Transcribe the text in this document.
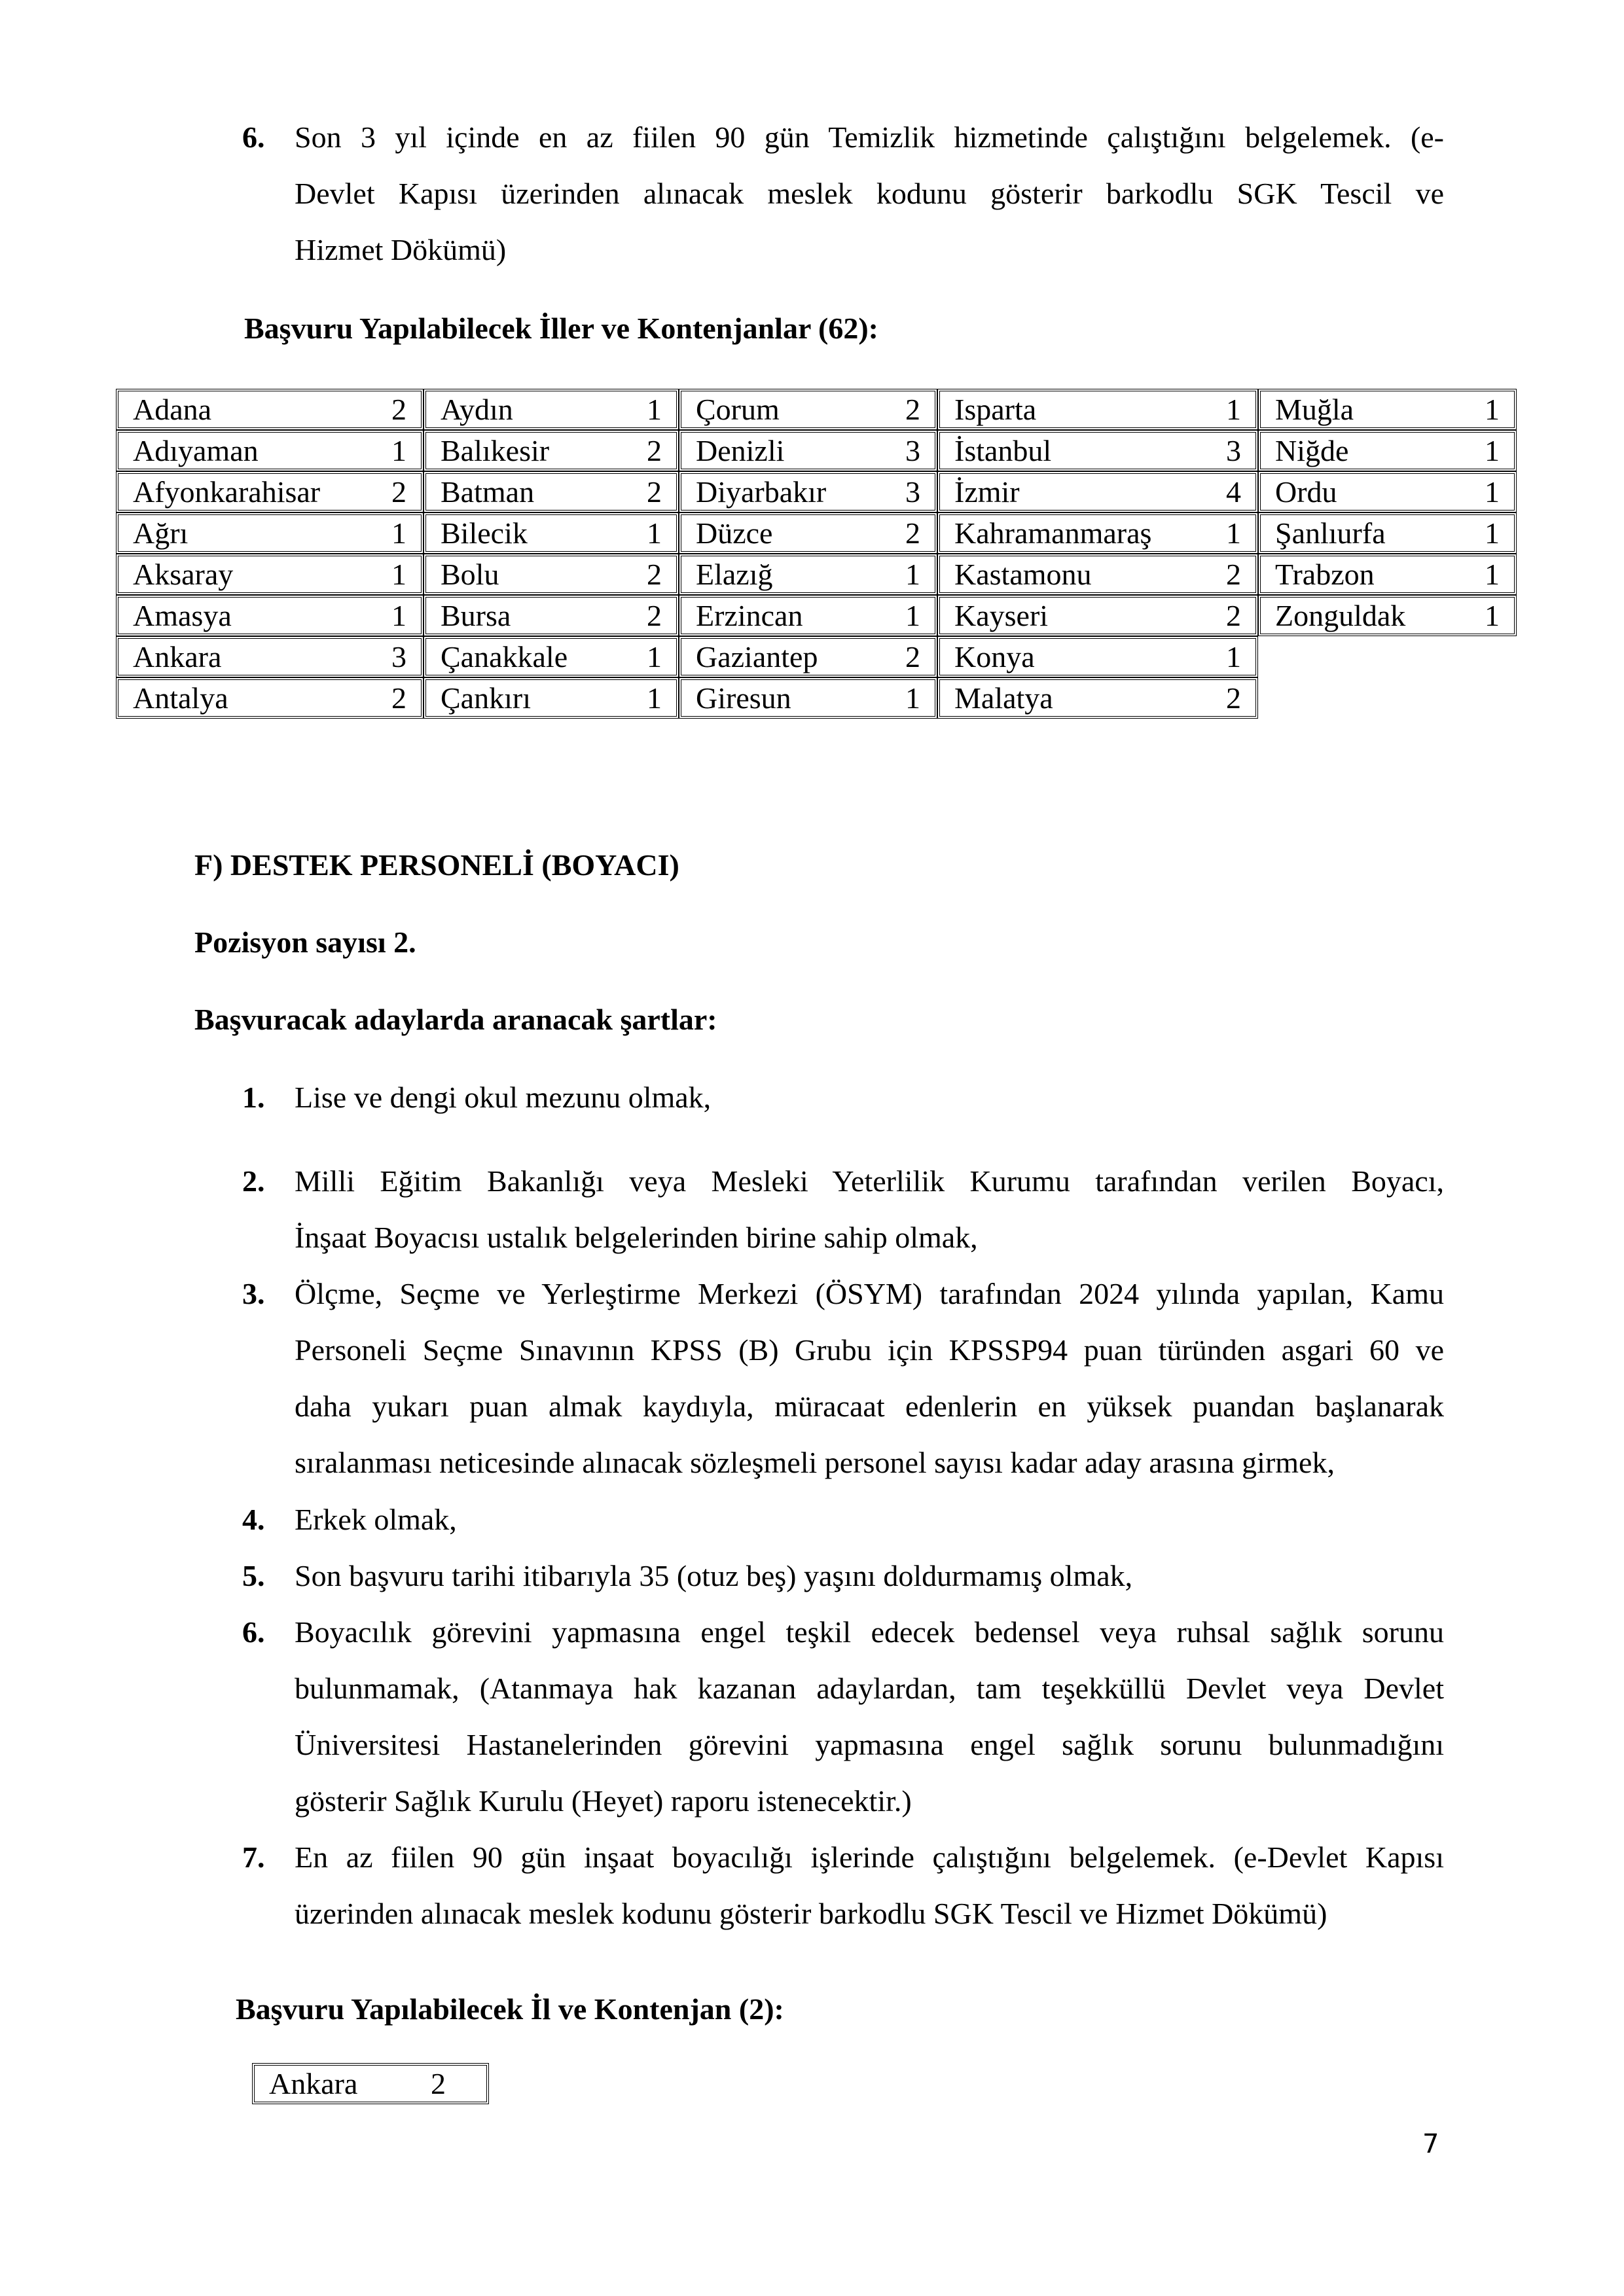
6. Son 3 yıl içinde en az fiilen 90 gün Temizlik hizmetinde çalıştığını belgelemek. (e-
Devlet Kapısı üzerinden alınacak meslek kodunu gösterir barkodlu SGK Tescil ve
Hizmet Dökümü)
Başvuru Yapılabilecek İller ve Kontenjanlar (62):
Adana 2	Aydın 1	Çorum 2	Isparta 1	Muğla 1

Adıyaman 1	Balıkesir 2	Denizli 3	İstanbul 3	Niğde 1

Afyonkarahisar 2	Batman 2	Diyarbakır 3	İzmir 4	Ordu 1

Ağrı 1	Bilecik 1	Düzce 2	Kahramanmaraş 1	Şanlıurfa 1

Aksaray 1	Bolu 2	Elazığ 1	Kastamonu 2	Trabzon 1

Amasya 1	Bursa 2	Erzincan 1	Kayseri 2	Zonguldak 1

Ankara 3	Çanakkale 1	Gaziantep 2	Konya 1	

Antalya 2	Çankırı 1	Giresun 1	Malatya 2	

F) DESTEK PERSONELİ (BOYACI)
Pozisyon sayısı 2.
Başvuracak adaylarda aranacak şartlar:
1. Lise ve dengi okul mezunu olmak,
2. Milli Eğitim Bakanlığı veya Mesleki Yeterlilik Kurumu tarafından verilen Boyacı,
İnşaat Boyacısı ustalık belgelerinden birine sahip olmak,
3. Ölçme, Seçme ve Yerleştirme Merkezi (ÖSYM) tarafından 2024 yılında yapılan, Kamu
Personeli Seçme Sınavının KPSS (B) Grubu için KPSSP94 puan türünden asgari 60 ve
daha yukarı puan almak kaydıyla, müracaat edenlerin en yüksek puandan başlanarak
sıralanması neticesinde alınacak sözleşmeli personel sayısı kadar aday arasına girmek,
4. Erkek olmak,
5. Son başvuru tarihi itibarıyla 35 (otuz beş) yaşını doldurmamış olmak,
6. Boyacılık görevini yapmasına engel teşkil edecek bedensel veya ruhsal sağlık sorunu
bulunmamak, (Atanmaya hak kazanan adaylardan, tam teşekküllü Devlet veya Devlet
Üniversitesi Hastanelerinden görevini yapmasına engel sağlık sorunu bulunmadığını
gösterir Sağlık Kurulu (Heyet) raporu istenecektir.)
7. En az fiilen 90 gün inşaat boyacılığı işlerinde çalıştığını belgelemek. (e-Devlet Kapısı
üzerinden alınacak meslek kodunu gösterir barkodlu SGK Tescil ve Hizmet Dökümü)
Başvuru Yapılabilecek İl ve Kontenjan (2):
Ankara 2
7
